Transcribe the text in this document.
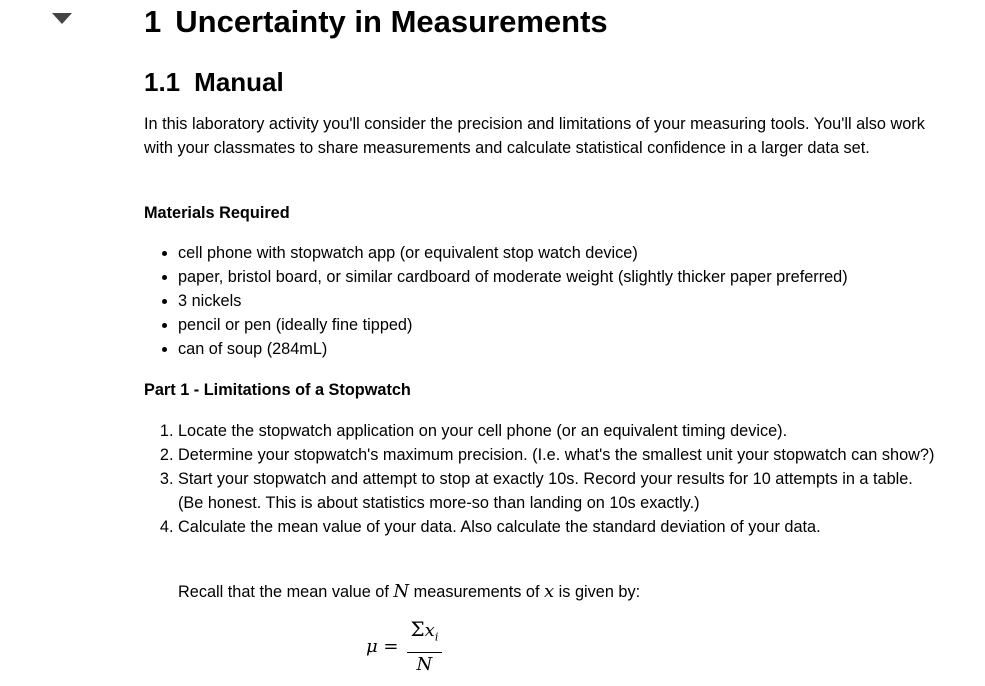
1 Uncertainty in Measurements
1.1 Manual

In this laboratory activity you'll consider the precision and limitations of your measuring tools. You'll also work with your classmates to share measurements and calculate statistical confidence in a larger data set.

Materials Required

• cell phone with stopwatch app (or equivalent stop watch device)
• paper, bristol board, or similar cardboard of moderate weight (slightly thicker paper preferred)
• 3 nickels
• pencil or pen (ideally fine tipped)
• can of soup (284mL)

Part 1 - Limitations of a Stopwatch

1. Locate the stopwatch application on your cell phone (or an equivalent timing device).
2. Determine your stopwatch's maximum precision. (I.e. what's the smallest unit your stopwatch can show?)
3. Start your stopwatch and attempt to stop at exactly 10s. Record your results for 10 attempts in a table. (Be honest. This is about statistics more-so than landing on 10s exactly.)
4. Calculate the mean value of your data. Also calculate the standard deviation of your data.

Recall that the mean value of N measurements of x is given by:

$\mu = \frac{\Sigma x_i}{N}$
